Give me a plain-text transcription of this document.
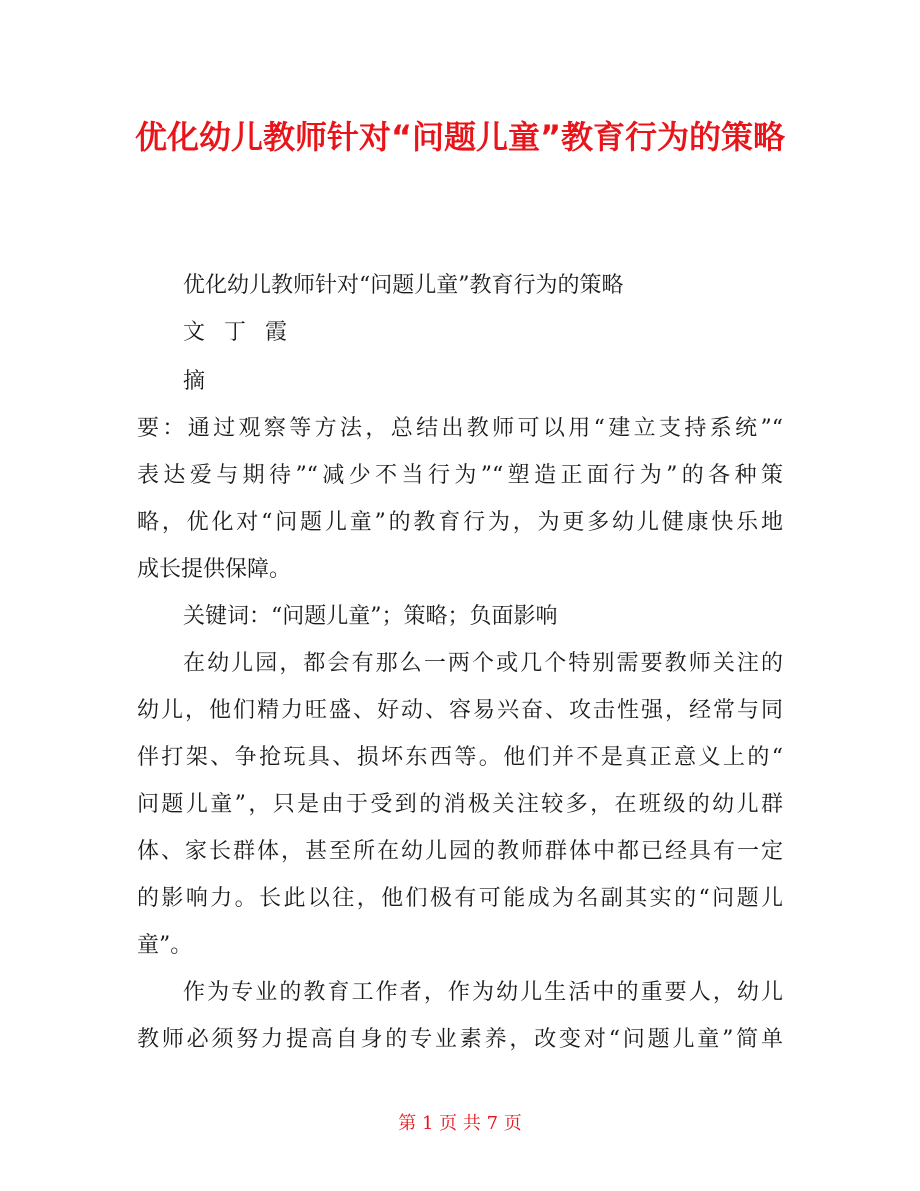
优化幼儿教师针对“问题儿童”教育行为的策略

优化幼儿教师针对“问题儿童”教育行为的策略

文 丁 霞

摘

要：通过观察等方法，总结出教师可以用“建立支持系统”“

表达爱与期待”“减少不当行为”“塑造正面行为”的各种策

略，优化对“问题儿童”的教育行为，为更多幼儿健康快乐地

成长提供保障。

关键词：“问题儿童”；策略；负面影响

在幼儿园，都会有那么一两个或几个特别需要教师关注的

幼儿，他们精力旺盛、好动、容易兴奋、攻击性强，经常与同

伴打架、争抢玩具、损坏东西等。他们并不是真正意义上的“

问题儿童”，只是由于受到的消极关注较多，在班级的幼儿群

体、家长群体，甚至所在幼儿园的教师群体中都已经具有一定

的影响力。长此以往，他们极有可能成为名副其实的“问题儿

童”。

作为专业的教育工作者，作为幼儿生活中的重要人，幼儿

教师必须努力提高自身的专业素养，改变对“问题儿童”简单

第 1 页 共 7 页
